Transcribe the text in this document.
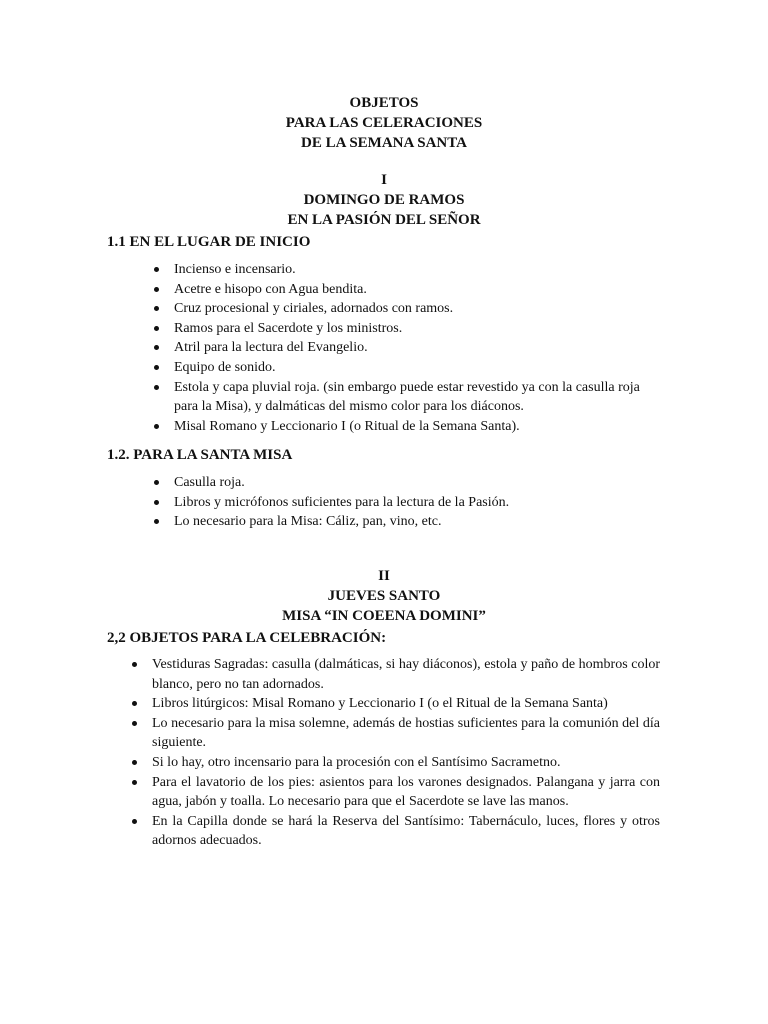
OBJETOS
PARA LAS CELERACIONES
DE LA SEMANA SANTA
I
DOMINGO DE RAMOS
EN LA PASIÓN DEL SEÑOR
1.1 EN EL LUGAR DE INICIO
Incienso e incensario.
Acetre e hisopo con Agua bendita.
Cruz procesional y ciriales, adornados con ramos.
Ramos para el Sacerdote y los ministros.
Atril para la lectura del Evangelio.
Equipo de sonido.
Estola y capa pluvial roja. (sin embargo puede estar revestido ya con la casulla roja para la Misa), y dalmáticas del mismo color para los diáconos.
Misal Romano y Leccionario I (o Ritual de la Semana Santa).
1.2. PARA LA SANTA MISA
Casulla roja.
Libros y micrófonos suficientes para la lectura de la Pasión.
Lo necesario para la Misa: Cáliz, pan, vino, etc.
II
JUEVES SANTO
MISA “IN COEENA DOMINI”
2,2 OBJETOS PARA LA CELEBRACIÓN:
Vestiduras Sagradas: casulla (dalmáticas, si hay diáconos), estola y paño de hombros color blanco, pero no tan adornados.
Libros litúrgicos: Misal Romano y Leccionario I (o el Ritual de la Semana Santa)
Lo necesario para la misa solemne, además de hostias suficientes para la comunión del día siguiente.
Si lo hay, otro incensario para la procesión con el Santísimo Sacrametno.
Para el lavatorio de los pies: asientos para los varones designados. Palangana y jarra con agua, jabón y toalla. Lo necesario para que el Sacerdote se lave las manos.
En la Capilla donde se hará la Reserva del Santísimo: Tabernáculo, luces, flores y otros adornos adecuados.
